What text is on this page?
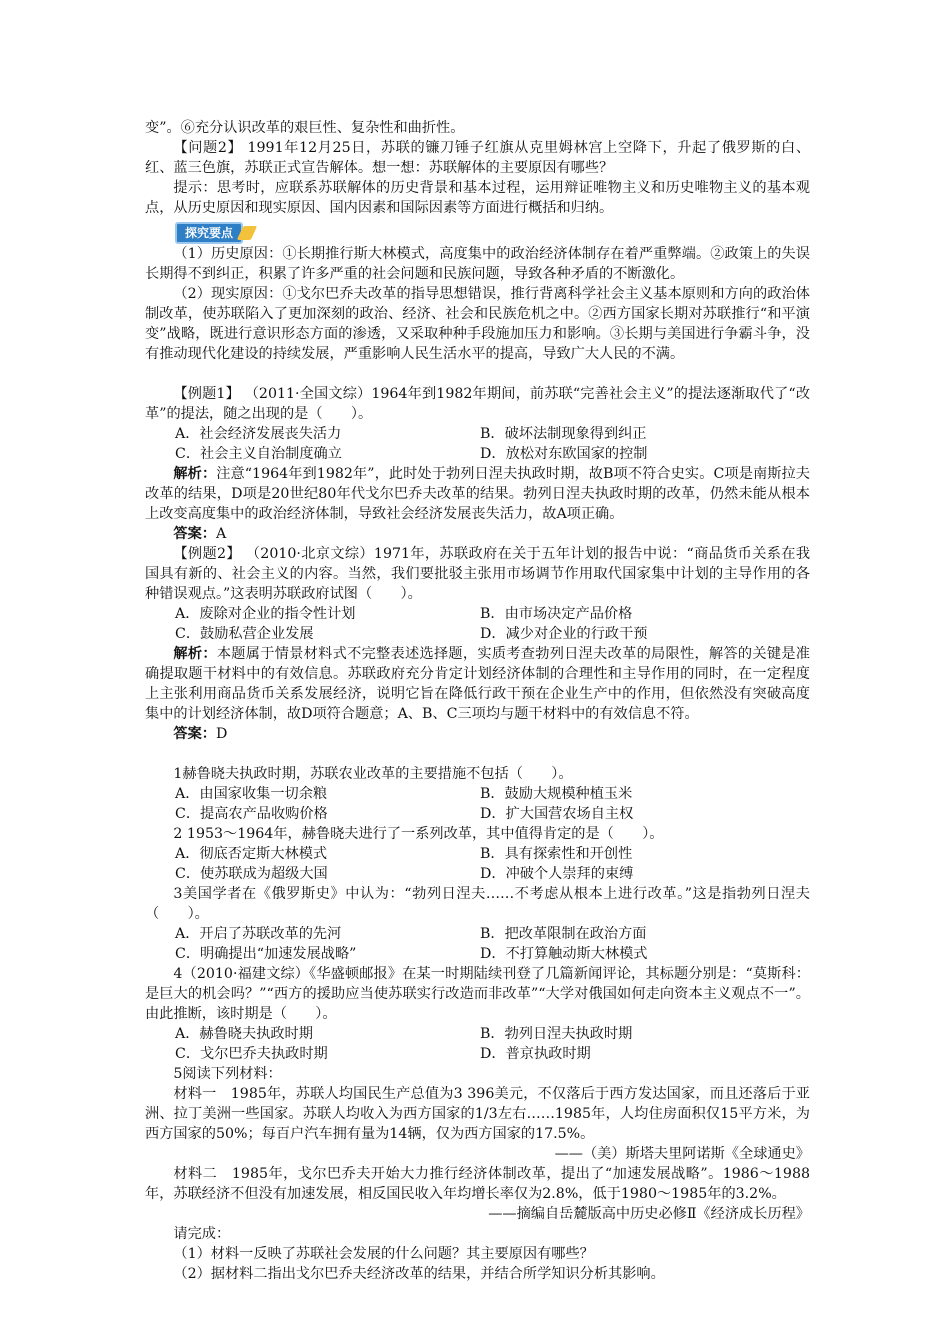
变”。⑥充分认识改革的艰巨性、复杂性和曲折性。

【问题2】 1991年12月25日，苏联的镰刀锤子红旗从克里姆林宫上空降下，升起了俄罗斯的白、红、蓝三色旗，苏联正式宣告解体。想一想：苏联解体的主要原因有哪些？

提示：思考时，应联系苏联解体的历史背景和基本过程，运用辩证唯物主义和历史唯物主义的基本观点，从历史原因和现实原因、国内因素和国际因素等方面进行概括和归纳。

探究要点

（1）历史原因：①长期推行斯大林模式，高度集中的政治经济体制存在着严重弊端。②政策上的失误长期得不到纠正，积累了许多严重的社会问题和民族问题，导致各种矛盾的不断激化。

（2）现实原因：①戈尔巴乔夫改革的指导思想错误，推行背离科学社会主义基本原则和方向的政治体制改革，使苏联陷入了更加深刻的政治、经济、社会和民族危机之中。②西方国家长期对苏联推行“和平演变”战略，既进行意识形态方面的渗透，又采取种种手段施加压力和影响。③长期与美国进行争霸斗争，没有推动现代化建设的持续发展，严重影响人民生活水平的提高，导致广大人民的不满。

【例题1】 （2011·全国文综）1964年到1982年期间，前苏联“完善社会主义”的提法逐渐取代了“改革”的提法，随之出现的是（　　）。

A．社会经济发展丧失活力	B．破坏法制现象得到纠正
C．社会主义自治制度确立	D．放松对东欧国家的控制

解析：注意“1964年到1982年”，此时处于勃列日涅夫执政时期，故B项不符合史实。C项是南斯拉夫改革的结果，D项是20世纪80年代戈尔巴乔夫改革的结果。勃列日涅夫执政时期的改革，仍然未能从根本上改变高度集中的政治经济体制，导致社会经济发展丧失活力，故A项正确。

答案：A

【例题2】 （2010·北京文综）1971年，苏联政府在关于五年计划的报告中说：“商品货币关系在我国具有新的、社会主义的内容。当然，我们要批驳主张用市场调节作用取代国家集中计划的主导作用的各种错误观点。”这表明苏联政府试图（　　）。

A．废除对企业的指令性计划	B．由市场决定产品价格
C．鼓励私营企业发展	D．减少对企业的行政干预

解析：本题属于情景材料式不完整表述选择题，实质考查勃列日涅夫改革的局限性，解答的关键是准确提取题干材料中的有效信息。苏联政府充分肯定计划经济体制的合理性和主导作用的同时，在一定程度上主张利用商品货币关系发展经济，说明它旨在降低行政干预在企业生产中的作用，但依然没有突破高度集中的计划经济体制，故D项符合题意；A、B、C三项均与题干材料中的有效信息不符。

答案：D

1赫鲁晓夫执政时期，苏联农业改革的主要措施不包括（　　）。

A．由国家收集一切余粮	B．鼓励大规模种植玉米
C．提高农产品收购价格	D．扩大国营农场自主权

2 1953～1964年，赫鲁晓夫进行了一系列改革，其中值得肯定的是（　　）。

A．彻底否定斯大林模式	B．具有探索性和开创性
C．使苏联成为超级大国	D．冲破个人崇拜的束缚

3美国学者在《俄罗斯史》中认为：“勃列日涅夫……不考虑从根本上进行改革。”这是指勃列日涅夫（　　）。

A．开启了苏联改革的先河	B．把改革限制在政治方面
C．明确提出“加速发展战略”	D．不打算触动斯大林模式

4（2010·福建文综）《华盛顿邮报》在某一时期陆续刊登了几篇新闻评论，其标题分别是：“莫斯科：是巨大的机会吗？”“西方的援助应当使苏联实行改造而非改革”“大学对俄国如何走向资本主义观点不一”。由此推断，该时期是（　　）。

A．赫鲁晓夫执政时期	B．勃列日涅夫执政时期
C．戈尔巴乔夫执政时期	D．普京执政时期

5阅读下列材料：

材料一　1985年，苏联人均国民生产总值为3 396美元，不仅落后于西方发达国家，而且还落后于亚洲、拉丁美洲一些国家。苏联人均收入为西方国家的1/3左右……1985年，人均住房面积仅15平方米，为西方国家的50%；每百户汽车拥有量为14辆，仅为西方国家的17.5%。

——（美）斯塔夫里阿诺斯《全球通史》

材料二　1985年，戈尔巴乔夫开始大力推行经济体制改革，提出了“加速发展战略”。1986～1988年，苏联经济不但没有加速发展，相反国民收入年均增长率仅为2.8%，低于1980～1985年的3.2%。

——摘编自岳麓版高中历史必修Ⅱ《经济成长历程》

请完成：

（1）材料一反映了苏联社会发展的什么问题？其主要原因有哪些？

（2）据材料二指出戈尔巴乔夫经济改革的结果，并结合所学知识分析其影响。
